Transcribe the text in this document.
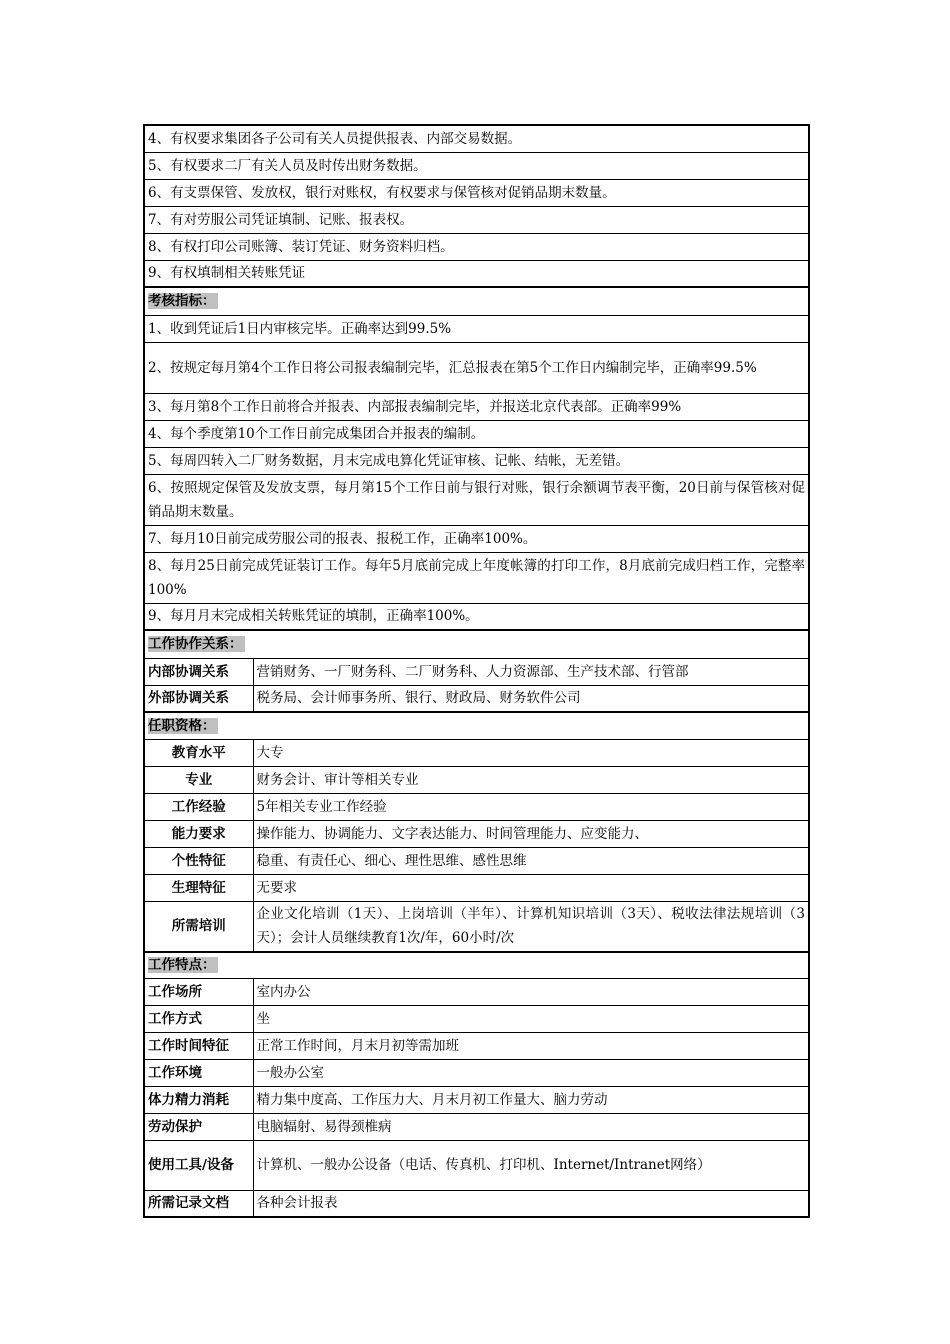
4、有权要求集团各子公司有关人员提供报表、内部交易数据。	
5、有权要求二厂有关人员及时传出财务数据。	
6、有支票保管、发放权，银行对账权，有权要求与保管核对促销品期末数量。	
7、有对劳服公司凭证填制、记账、报表权。	
8、有权打印公司账簿、装订凭证、财务资料归档。	
9、有权填制相关转账凭证	
考核指标：	
1、收到凭证后1日内审核完毕。正确率达到99.5%	
2、按规定每月第4个工作日将公司报表编制完毕，汇总报表在第5个工作日内编制完毕，正确率99.5%	
3、每月第8个工作日前将合并报表、内部报表编制完毕，并报送北京代表部。正确率99%	
4、每个季度第10个工作日前完成集团合并报表的编制。	
5、每周四转入二厂财务数据，月末完成电算化凭证审核、记帐、结帐，无差错。	
6、按照规定保管及发放支票，每月第15个工作日前与银行对账，银行余额调节表平衡，20日前与保管核对促销品期末数量。	
7、每月10日前完成劳服公司的报表、报税工作，正确率100%。	
8、每月25日前完成凭证装订工作。每年5月底前完成上年度帐簿的打印工作，8月底前完成归档工作，完整率100%	
9、每月月末完成相关转账凭证的填制，正确率100%。	
工作协作关系：	
内部协调关系	营销财务、一厂财务科、二厂财务科、人力资源部、生产技术部、行管部
外部协调关系	税务局、会计师事务所、银行、财政局、财务软件公司
任职资格：	
教育水平	大专
专业	财务会计、审计等相关专业
工作经验	5年相关专业工作经验
能力要求	操作能力、协调能力、文字表达能力、时间管理能力、应变能力、
个性特征	稳重、有责任心、细心、理性思维、感性思维
生理特征	无要求
所需培训	企业文化培训（1天）、上岗培训（半年）、计算机知识培训（3天）、税收法律法规培训（3天）；会计人员继续教育1次/年，60小时/次
工作特点：	
工作场所	室内办公
工作方式	坐
工作时间特征	正常工作时间，月末月初等需加班
工作环境	一般办公室
体力精力消耗	精力集中度高、工作压力大、月末月初工作量大、脑力劳动
劳动保护	电脑辐射、易得颈椎病
使用工具/设备	计算机、一般办公设备（电话、传真机、打印机、Internet/Intranet网络）
所需记录文档	各种会计报表
